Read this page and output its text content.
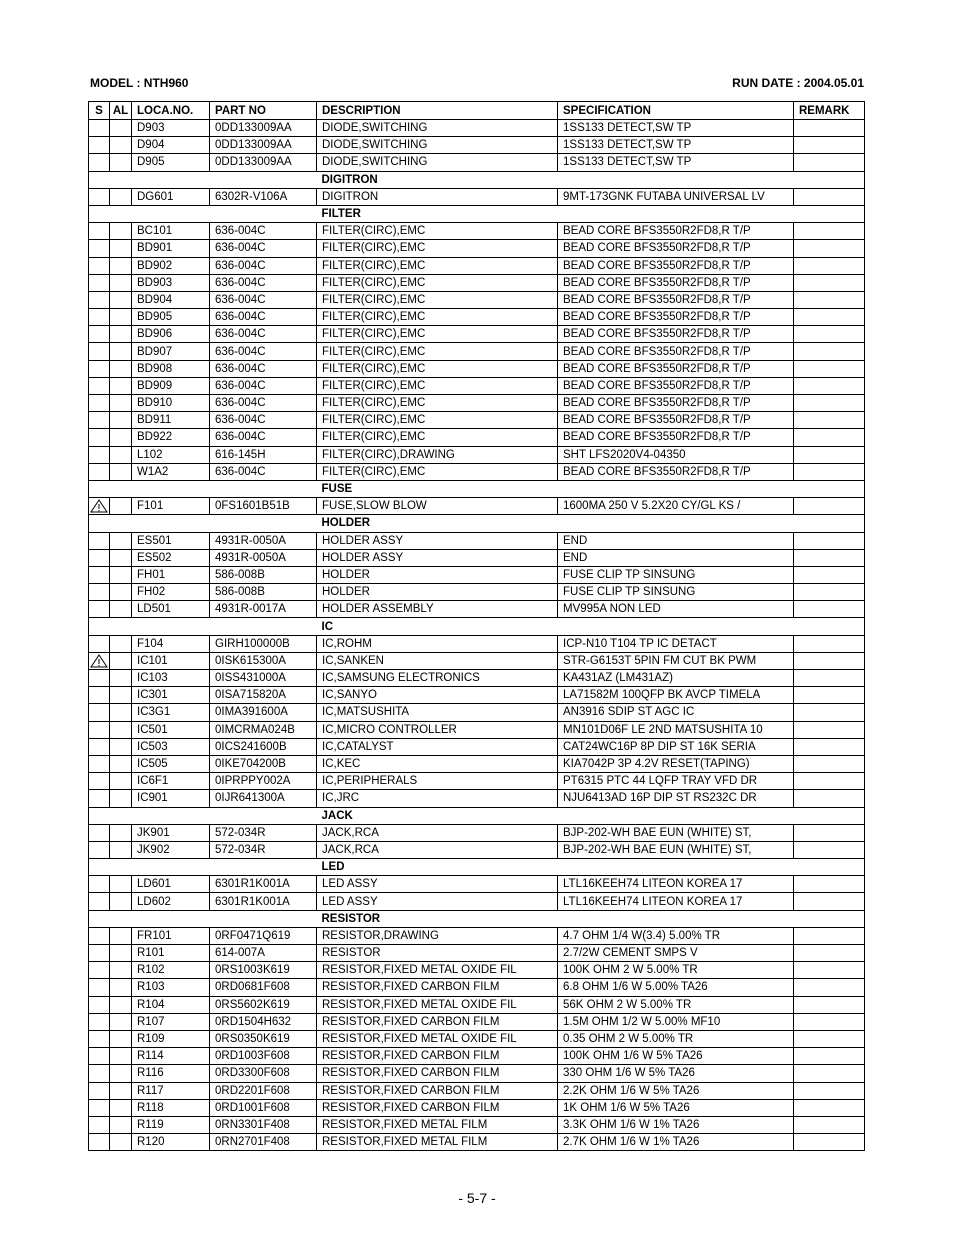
MODEL : NTH960	RUN DATE : 2004.05.01
S	AL	LOCA.NO.	PART NO	DESCRIPTION	SPECIFICATION	REMARK
		D903	0DD133009AA	DIODE,SWITCHING	1SS133 DETECT,SW TP	
		D904	0DD133009AA	DIODE,SWITCHING	1SS133 DETECT,SW TP	
		D905	0DD133009AA	DIODE,SWITCHING	1SS133 DETECT,SW TP	
				DIGITRON		
		DG601	6302R-V106A	DIGITRON	9MT-173GNK FUTABA UNIVERSAL LV	
				FILTER		
		BC101	636-004C	FILTER(CIRC),EMC	BEAD CORE BFS3550R2FD8,R T/P	
		BD901	636-004C	FILTER(CIRC),EMC	BEAD CORE BFS3550R2FD8,R T/P	
		BD902	636-004C	FILTER(CIRC),EMC	BEAD CORE BFS3550R2FD8,R T/P	
		BD903	636-004C	FILTER(CIRC),EMC	BEAD CORE BFS3550R2FD8,R T/P	
		BD904	636-004C	FILTER(CIRC),EMC	BEAD CORE BFS3550R2FD8,R T/P	
		BD905	636-004C	FILTER(CIRC),EMC	BEAD CORE BFS3550R2FD8,R T/P	
		BD906	636-004C	FILTER(CIRC),EMC	BEAD CORE BFS3550R2FD8,R T/P	
		BD907	636-004C	FILTER(CIRC),EMC	BEAD CORE BFS3550R2FD8,R T/P	
		BD908	636-004C	FILTER(CIRC),EMC	BEAD CORE BFS3550R2FD8,R T/P	
		BD909	636-004C	FILTER(CIRC),EMC	BEAD CORE BFS3550R2FD8,R T/P	
		BD910	636-004C	FILTER(CIRC),EMC	BEAD CORE BFS3550R2FD8,R T/P	
		BD911	636-004C	FILTER(CIRC),EMC	BEAD CORE BFS3550R2FD8,R T/P	
		BD922	636-004C	FILTER(CIRC),EMC	BEAD CORE BFS3550R2FD8,R T/P	
		L102	616-145H	FILTER(CIRC),DRAWING	SHT LFS2020V4-04350	
		W1A2	636-004C	FILTER(CIRC),EMC	BEAD CORE BFS3550R2FD8,R T/P	
				FUSE		
		F101	0FS1601B51B	FUSE,SLOW BLOW	1600MA 250 V 5.2X20 CY/GL KS /	
				HOLDER		
		ES501	4931R-0050A	HOLDER ASSY	END	
		ES502	4931R-0050A	HOLDER ASSY	END	
		FH01	586-008B	HOLDER	FUSE CLIP TP SINSUNG	
		FH02	586-008B	HOLDER	FUSE CLIP TP SINSUNG	
		LD501	4931R-0017A	HOLDER ASSEMBLY	MV995A NON LED	
				IC		
		F104	GIRH100000B	IC,ROHM	ICP-N10 T104 TP IC DETACT	
		IC101	0ISK615300A	IC,SANKEN	STR-G6153T 5PIN FM CUT BK PWM	
		IC103	0ISS431000A	IC,SAMSUNG ELECTRONICS	KA431AZ (LM431AZ)	
		IC301	0ISA715820A	IC,SANYO	LA71582M 100QFP BK AVCP TIMELA	
		IC3G1	0IMA391600A	IC,MATSUSHITA	AN3916 SDIP ST AGC IC	
		IC501	0IMCRMA024B	IC,MICRO CONTROLLER	MN101D06F LE 2ND MATSUSHITA 10	
		IC503	0ICS241600B	IC,CATALYST	CAT24WC16P 8P DIP ST 16K SERIA	
		IC505	0IKE704200B	IC,KEC	KIA7042P 3P 4.2V RESET(TAPING)	
		IC6F1	0IPRPPY002A	IC,PERIPHERALS	PT6315 PTC 44 LQFP TRAY VFD DR	
		IC901	0IJR641300A	IC,JRC	NJU6413AD 16P DIP ST RS232C DR	
				JACK		
		JK901	572-034R	JACK,RCA	BJP-202-WH BAE EUN (WHITE) ST,	
		JK902	572-034R	JACK,RCA	BJP-202-WH BAE EUN (WHITE) ST,	
				LED		
		LD601	6301R1K001A	LED ASSY	LTL16KEEH74 LITEON KOREA 17	
		LD602	6301R1K001A	LED ASSY	LTL16KEEH74 LITEON KOREA 17	
				RESISTOR		
		FR101	0RF0471Q619	RESISTOR,DRAWING	4.7 OHM 1/4 W(3.4) 5.00% TR	
		R101	614-007A	RESISTOR	2.7/2W CEMENT SMPS V	
		R102	0RS1003K619	RESISTOR,FIXED METAL OXIDE FIL	100K OHM 2 W 5.00% TR	
		R103	0RD0681F608	RESISTOR,FIXED CARBON FILM	6.8 OHM 1/6 W 5.00% TA26	
		R104	0RS5602K619	RESISTOR,FIXED METAL OXIDE FIL	56K OHM 2 W 5.00% TR	
		R107	0RD1504H632	RESISTOR,FIXED CARBON FILM	1.5M OHM 1/2 W 5.00% MF10	
		R109	0RS0350K619	RESISTOR,FIXED METAL OXIDE FIL	0.35 OHM 2 W 5.00% TR	
		R114	0RD1003F608	RESISTOR,FIXED CARBON FILM	100K OHM 1/6 W 5% TA26	
		R116	0RD3300F608	RESISTOR,FIXED CARBON FILM	330 OHM 1/6 W 5% TA26	
		R117	0RD2201F608	RESISTOR,FIXED CARBON FILM	2.2K OHM 1/6 W 5% TA26	
		R118	0RD1001F608	RESISTOR,FIXED CARBON FILM	1K OHM 1/6 W 5% TA26	
		R119	0RN3301F408	RESISTOR,FIXED METAL FILM	3.3K OHM 1/6 W 1% TA26	
		R120	0RN2701F408	RESISTOR,FIXED METAL FILM	2.7K OHM 1/6 W 1% TA26	
- 5-7 -
